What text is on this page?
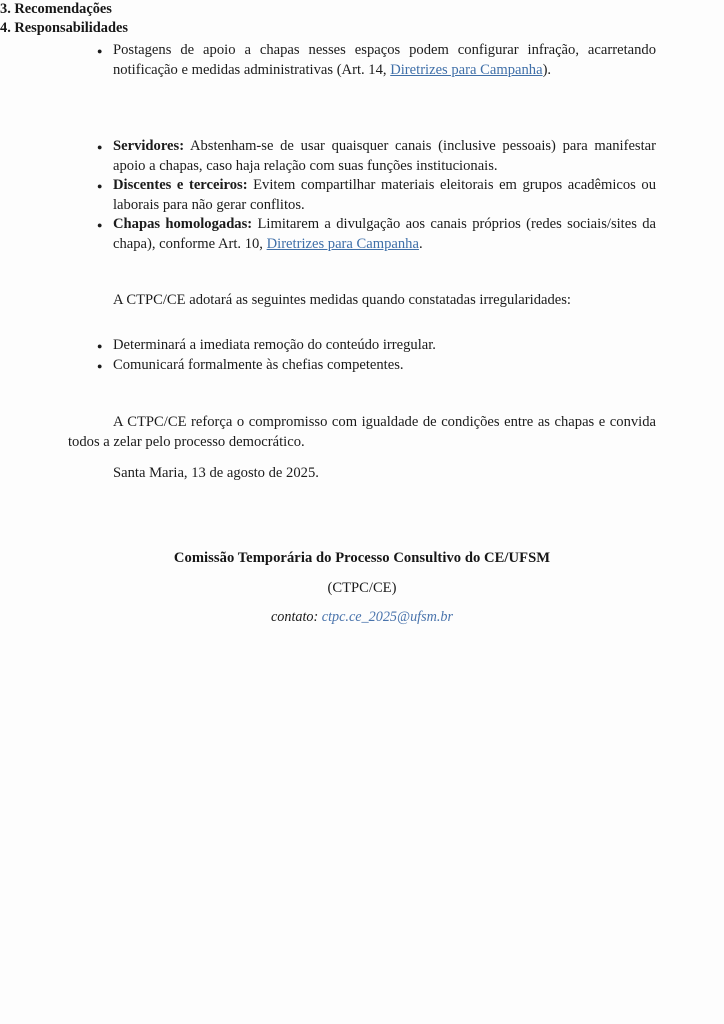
● Postagens de apoio a chapas nesses espaços podem configurar infração, acarretando notificação e medidas administrativas (Art. 14, Diretrizes para Campanha).
3. Recomendações
● Servidores: Abstenham-se de usar quaisquer canais (inclusive pessoais) para manifestar apoio a chapas, caso haja relação com suas funções institucionais.
● Discentes e terceiros: Evitem compartilhar materiais eleitorais em grupos acadêmicos ou laborais para não gerar conflitos.
● Chapas homologadas: Limitarem a divulgação aos canais próprios (redes sociais/sites da chapa), conforme Art. 10, Diretrizes para Campanha.
4. Responsabilidades

A CTPC/CE adotará as seguintes medidas quando constatadas irregularidades:

● Determinará a imediata remoção do conteúdo irregular.
● Comunicará formalmente às chefias competentes.

A CTPC/CE reforça o compromisso com igualdade de condições entre as chapas e convida todos a zelar pelo processo democrático.

Santa Maria, 13 de agosto de 2025.

Comissão Temporária do Processo Consultivo do CE/UFSM
(CTPC/CE)
contato: ctpc.ce_2025@ufsm.br
